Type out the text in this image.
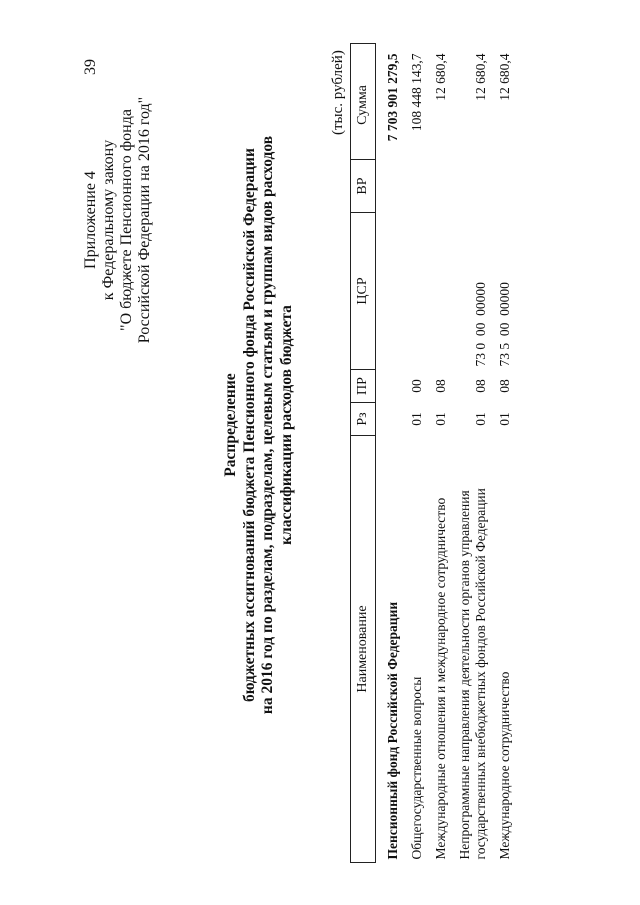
39
Приложение 4 к Федеральному закону "О бюджете Пенсионного фонда Российской Федерации на 2016 год"
Распределение бюджетных ассигнований бюджета Пенсионного фонда Российской Федерации на 2016 год по разделам, подразделам, целевым статьям и группам видов расходов классификации расходов бюджета
(тыс. рублей)
Наименование	Рз	ПР	ЦСР	ВР	Сумма
Пенсионный фонд Российской Федерации					7 703 901 279,5
Общегосударственные вопросы	01	00			108 448 143,7
Международные отношения и международное сотрудничество	01	08			12 680,4
Непрограммные направления деятельности органов управления государственных внебюджетных фондов Российской Федерации	01	08	73 0  00  00000		12 680,4
Международное сотрудничество	01	08	73 5  00  00000		12 680,4
